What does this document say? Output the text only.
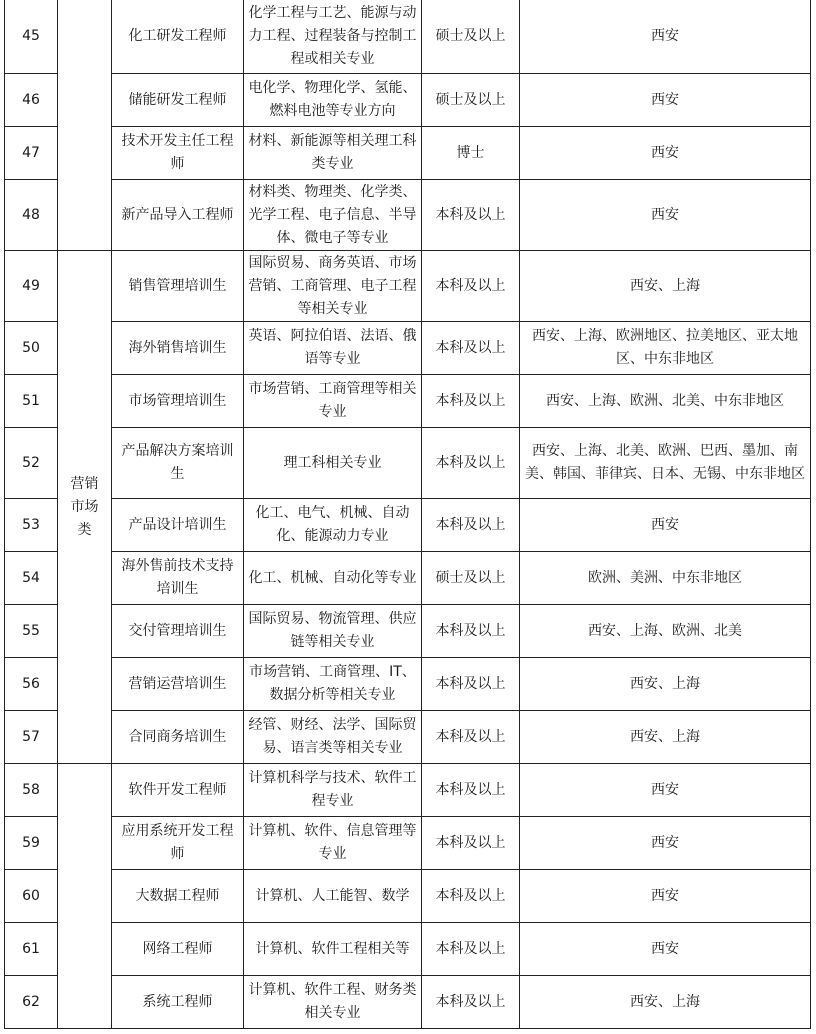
45		化工研发工程师	化学工程与工艺、能源与动力工程、过程装备与控制工程或相关专业	硕士及以上	西安
46		储能研发工程师	电化学、物理化学、氢能、燃料电池等专业方向	硕士及以上	西安
47		技术开发主任工程师	材料、新能源等相关理工科类专业	博士	西安
48		新产品导入工程师	材料类、物理类、化学类、光学工程、电子信息、半导体、微电子等专业	本科及以上	西安
49	营销市场类	销售管理培训生	国际贸易、商务英语、市场营销、工商管理、电子工程等相关专业	本科及以上	西安、上海
50		海外销售培训生	英语、阿拉伯语、法语、俄语等专业	本科及以上	西安、上海、欧洲地区、拉美地区、亚太地区、中东非地区
51		市场管理培训生	市场营销、工商管理等相关专业	本科及以上	西安、上海、欧洲、北美、中东非地区
52		产品解决方案培训生	理工科相关专业	本科及以上	西安、上海、北美、欧洲、巴西、墨加、南美、韩国、菲律宾、日本、无锡、中东非地区
53		产品设计培训生	化工、电气、机械、自动化、能源动力专业	本科及以上	西安
54		海外售前技术支持培训生	化工、机械、自动化等专业	硕士及以上	欧洲、美洲、中东非地区
55		交付管理培训生	国际贸易、物流管理、供应链等相关专业	本科及以上	西安、上海、欧洲、北美
56		营销运营培训生	市场营销、工商管理、IT、数据分析等相关专业	本科及以上	西安、上海
57		合同商务培训生	经管、财经、法学、国际贸易、语言类等相关专业	本科及以上	西安、上海
58		软件开发工程师	计算机科学与技术、软件工程专业	本科及以上	西安
59		应用系统开发工程师	计算机、软件、信息管理等专业	本科及以上	西安
60		大数据工程师	计算机、人工能智、数学	本科及以上	西安
61		网络工程师	计算机、软件工程相关等	本科及以上	西安
62		系统工程师	计算机、软件工程、财务类相关专业	本科及以上	西安、上海
